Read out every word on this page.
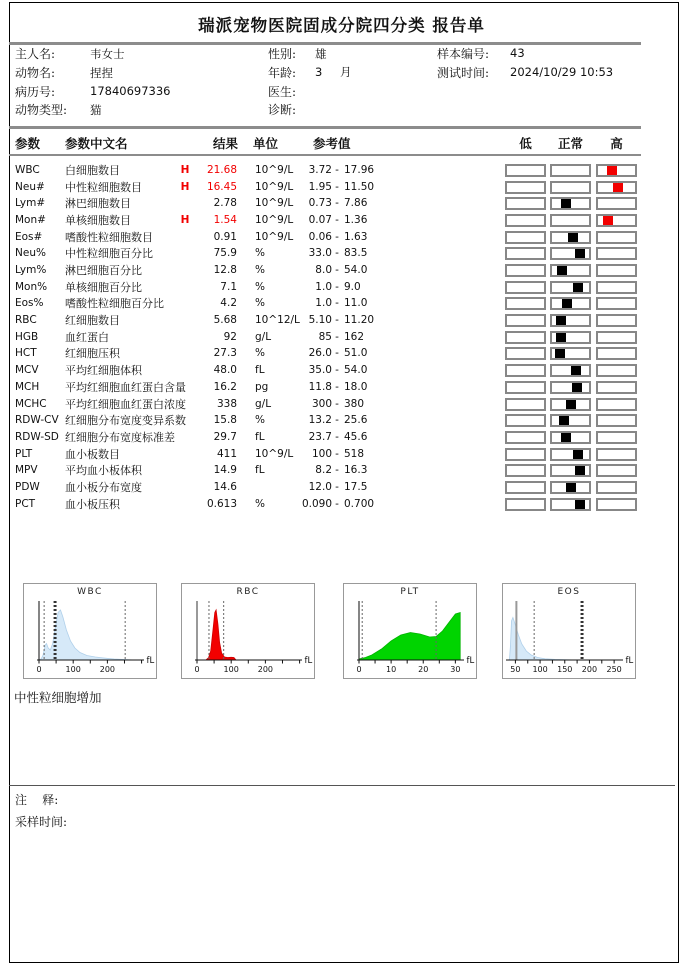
瑞派宠物医院固成分院四分类 报告单
主人名:	韦女士
动物名:	捏捏
病历号:	17840697336
动物类型: 猫
性别: 雄
年龄: 3 月
医生:
诊断:
样本编号: 43
测试时间: 2024/10/29 10:53
参数 参数中文名	结果 单位	参考值	低	正常	高
WBC 白细胞数目	H	21.68 10^9/L	3.72 - 17.96
Neu# 中性粒细胞数目	H	16.45 10^9/L	1.95 - 11.50
Lym# 淋巴细胞数目	2.78 10^9/L	0.73 - 7.86
Mon# 单核细胞数目	H	1.54 10^9/L	0.07 - 1.36
Eos# 嗜酸性粒细胞数目	0.91 10^9/L	0.06 - 1.63
Neu% 中性粒细胞百分比	75.9 %	33.0 - 83.5
Lym% 淋巴细胞百分比	12.8 %	8.0 - 54.0
Mon% 单核细胞百分比	7.1 %	1.0 - 9.0
Eos% 嗜酸性粒细胞百分比	4.2 %	1.0 - 11.0
RBC	红细胞数目	5.68 10^12/L 5.10 - 11.20
HGB 血红蛋白	92 g/L	85 - 162
HCT	红细胞压积	27.3 %	26.0 - 51.0
MCV 平均红细胞体积	48.0 fL	35.0 - 54.0
MCH 平均红细胞血红蛋白含量	16.2 pg	11.8 - 18.0
MCHC 平均红细胞血红蛋白浓度	338 g/L	300 - 380
RDW-CV 红细胞分布宽度变异系数	15.8 %	13.2 - 25.6
RDW-SD 红细胞分布宽度标准差	29.7 fL	23.7 - 45.6
PLT	血小板数目	411 10^9/L	100 - 518
MPV 平均血小板体积	14.9 fL	8.2 - 16.3
PDW 血小板分布宽度	14.6	12.0 - 17.5
PCT	血小板压积	0.613 %	0.090 - 0.700
WBC
0	100 200
fL
RBC
0	100 200
fL
PLT
0	10	20	30
fL
EOS
50 100 150 200 250
fL
中性粒细胞增加
注    释:
采样时间:
